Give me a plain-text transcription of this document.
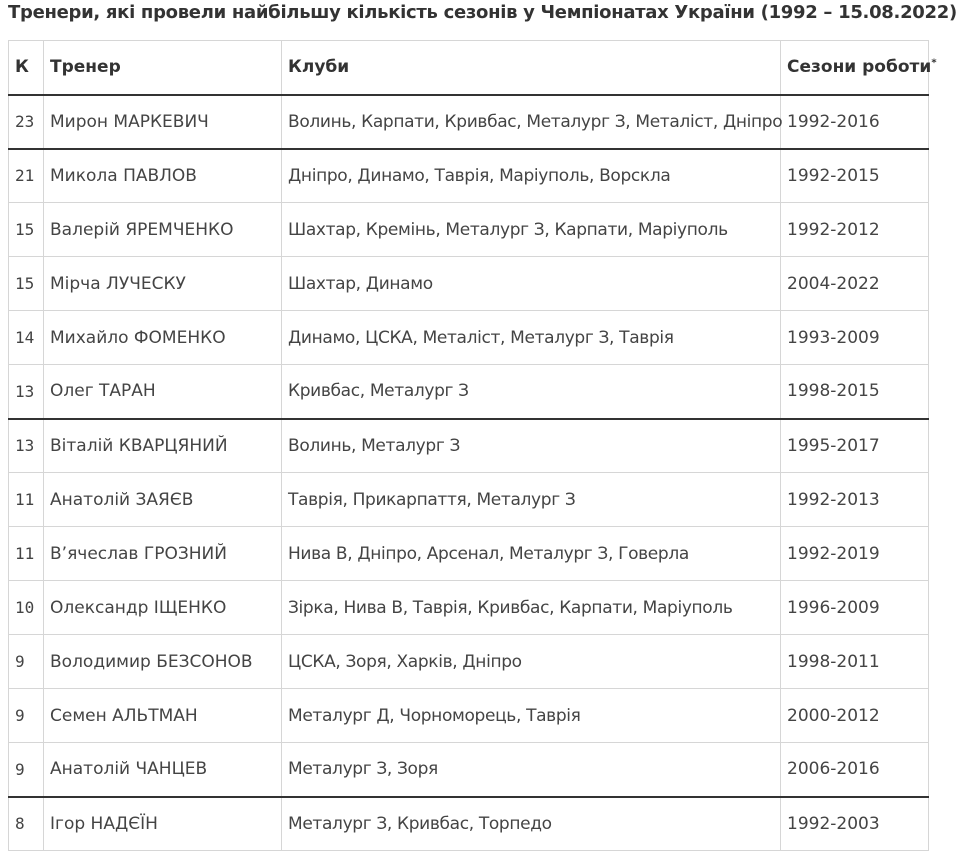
Тренери, які провели найбільшу кількість сезонів у Чемпіонатах України (1992 – 15.08.2022)
К	Тренер	Клуби	Сезони роботи*
23	Мирон МАРКЕВИЧ	Волинь, Карпати, Кривбас, Металург З, Металіст, Дніпро	1992-2016
21	Микола ПАВЛОВ	Дніпро, Динамо, Таврія, Маріуполь, Ворскла	1992-2015
15	Валерій ЯРЕМЧЕНКО	Шахтар, Кремінь, Металург З, Карпати, Маріуполь	1992-2012
15	Мірча ЛУЧЕСКУ	Шахтар, Динамо	2004-2022
14	Михайло ФОМЕНКО	Динамо, ЦСКА, Металіст, Металург З, Таврія	1993-2009
13	Олег ТАРАН	Кривбас, Металург З	1998-2015
13	Віталій КВАРЦЯНИЙ	Волинь, Металург З	1995-2017
11	Анатолій ЗАЯЄВ	Таврія, Прикарпаття, Металург З	1992-2013
11	В’ячеслав ГРОЗНИЙ	Нива В, Дніпро, Арсенал, Металург З, Говерла	1992-2019
10	Олександр ІЩЕНКО	Зірка, Нива В, Таврія, Кривбас, Карпати, Маріуполь	1996-2009
9	Володимир БЕЗСОНОВ	ЦСКА, Зоря, Харків, Дніпро	1998-2011
9	Семен АЛЬТМАН	Металург Д, Чорноморець, Таврія	2000-2012
9	Анатолій ЧАНЦЕВ	Металург З, Зоря	2006-2016
8	Ігор НАДЄЇН	Металург З, Кривбас, Торпедо	1992-2003
